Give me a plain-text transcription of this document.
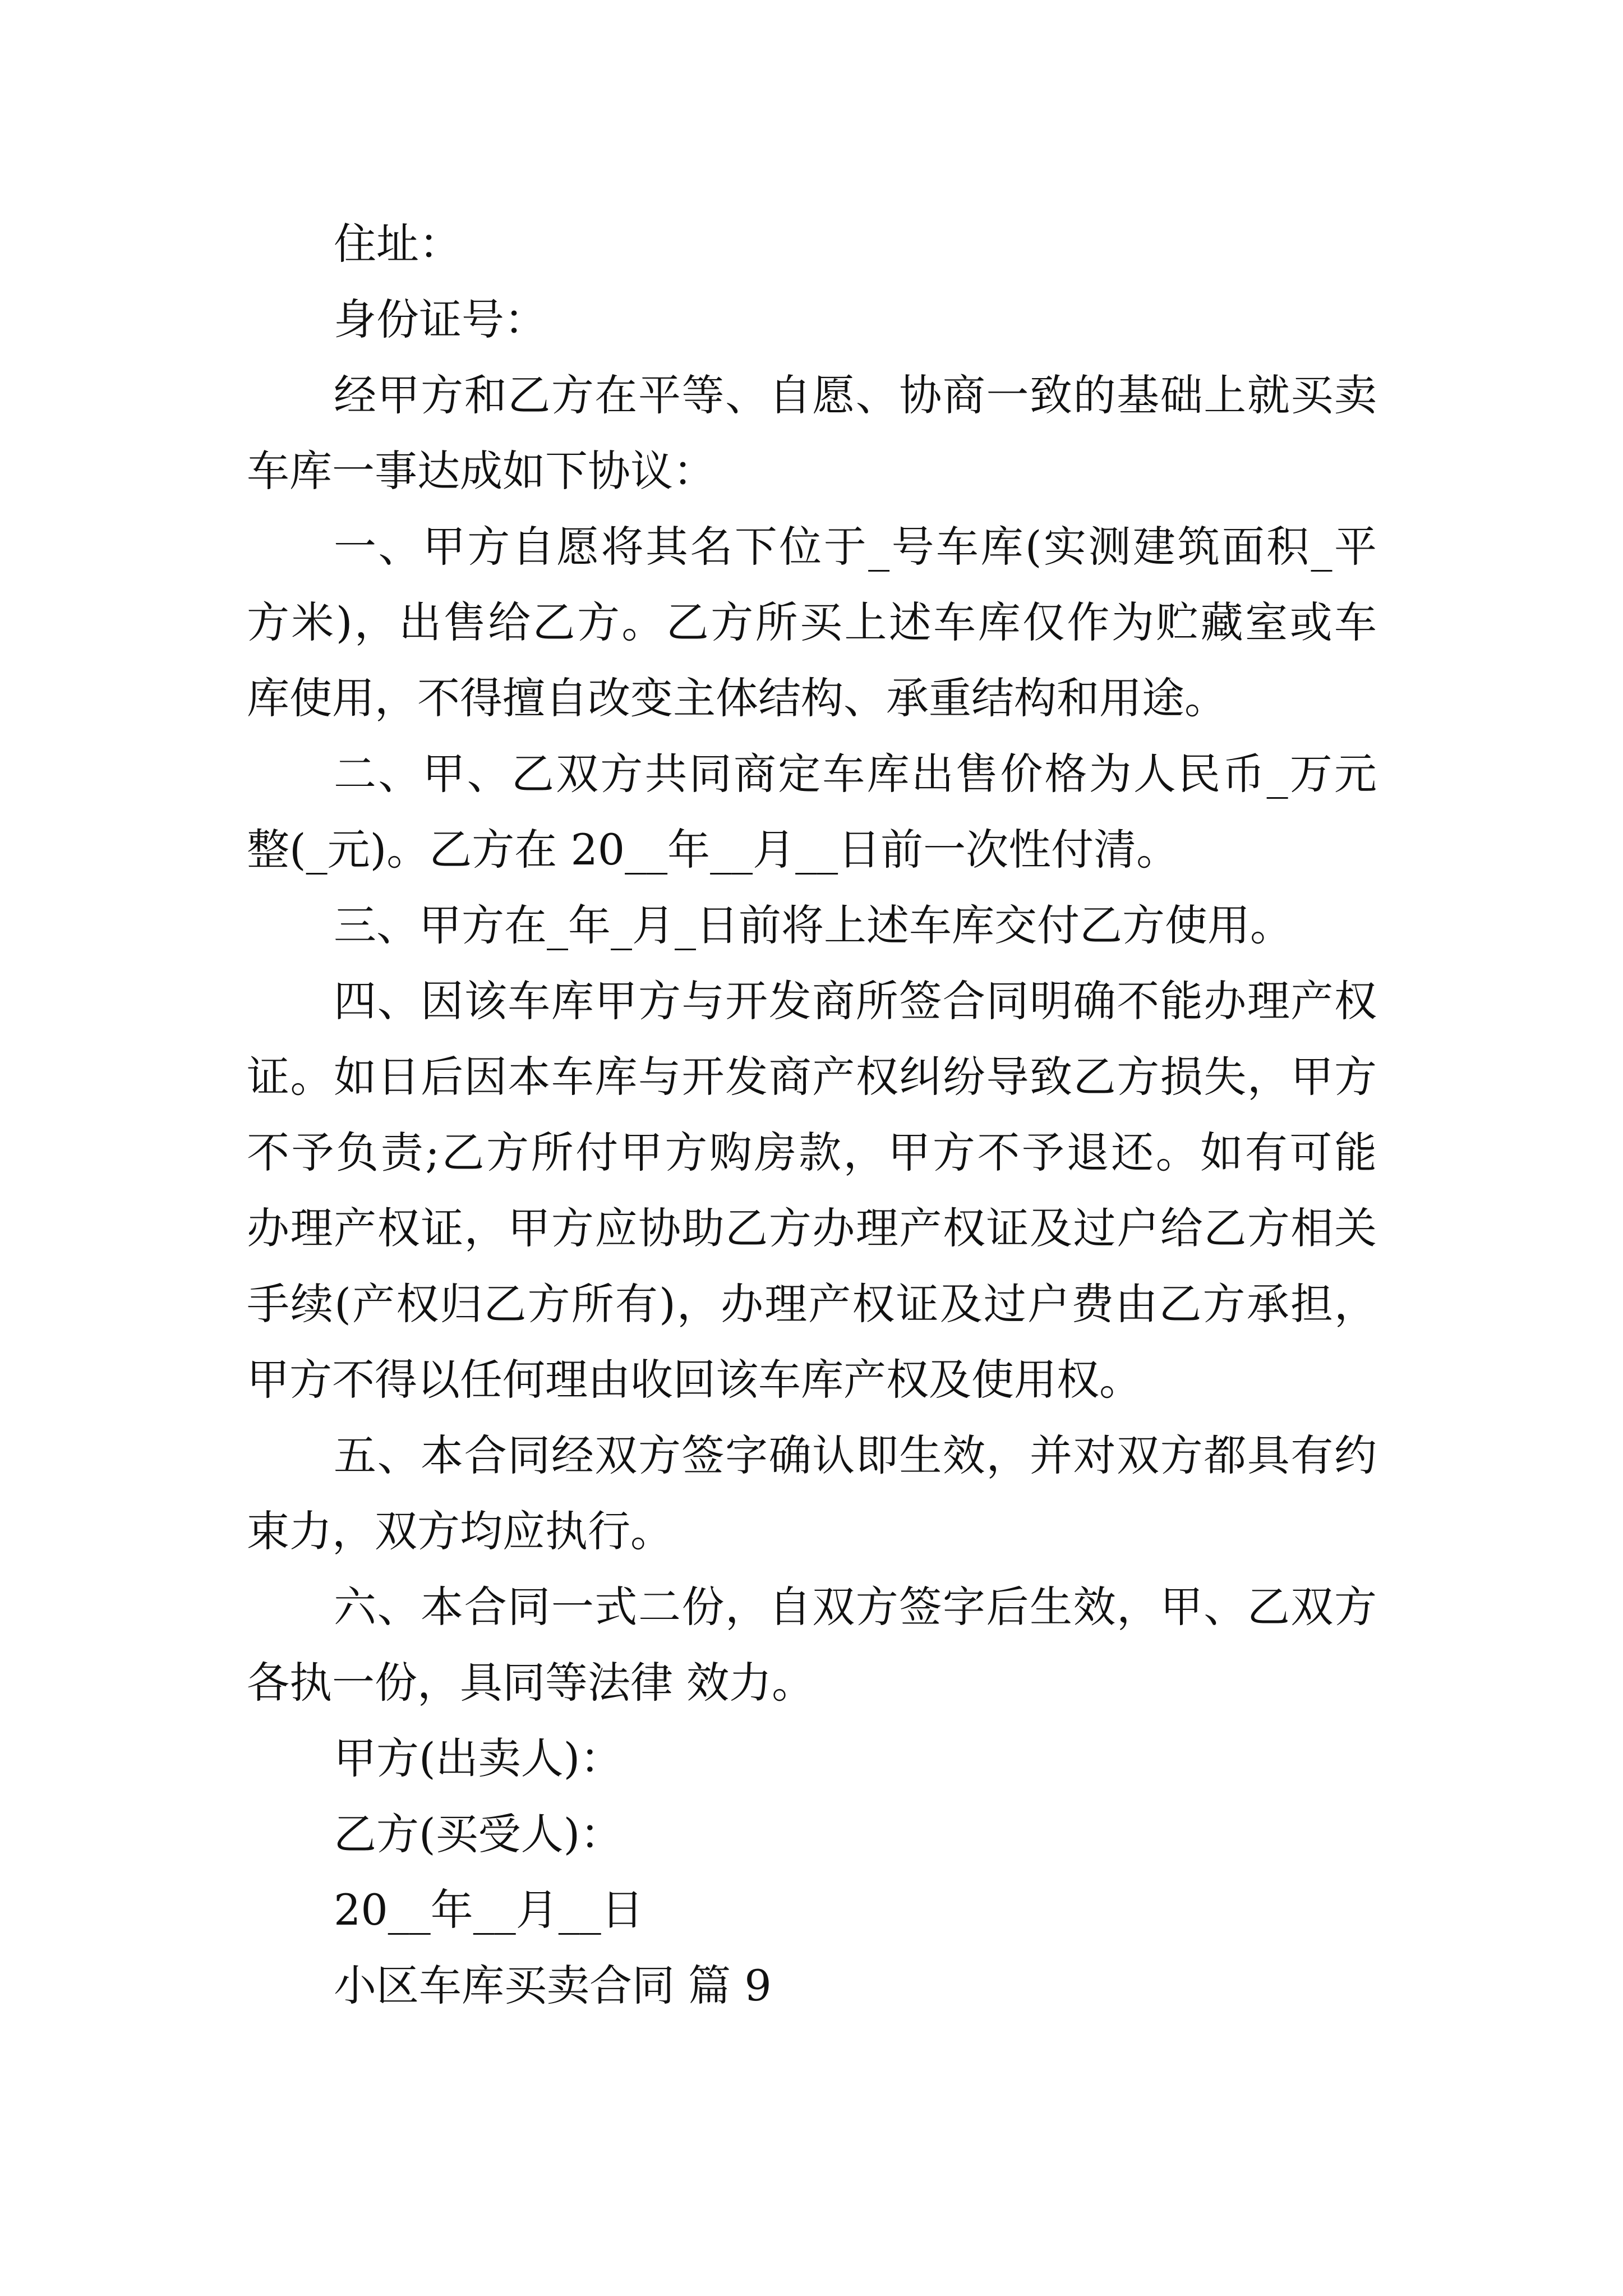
住址：
身份证号：
经甲方和乙方在平等、自愿、协商一致的基础上就买卖
车库一事达成如下协议：
一、甲方自愿将其名下位于_号车库(实测建筑面积_平
方米)，出售给乙方。乙方所买上述车库仅作为贮藏室或车
库使用，不得擅自改变主体结构、承重结构和用途。
二、甲、乙双方共同商定车库出售价格为人民币_万元
整(_元)。乙方在 20__年__月__日前一次性付清。
三、甲方在_年_月_日前将上述车库交付乙方使用。
四、因该车库甲方与开发商所签合同明确不能办理产权
证。如日后因本车库与开发商产权纠纷导致乙方损失，甲方
不予负责;乙方所付甲方购房款，甲方不予退还。如有可能
办理产权证，甲方应协助乙方办理产权证及过户给乙方相关
手续(产权归乙方所有)，办理产权证及过户费由乙方承担，
甲方不得以任何理由收回该车库产权及使用权。
五、本合同经双方签字确认即生效，并对双方都具有约
束力，双方均应执行。
六、本合同一式二份，自双方签字后生效，甲、乙双方
各执一份，具同等法律 效力。
甲方(出卖人)：
乙方(买受人)：
20__年__月__日
小区车库买卖合同 篇 9
